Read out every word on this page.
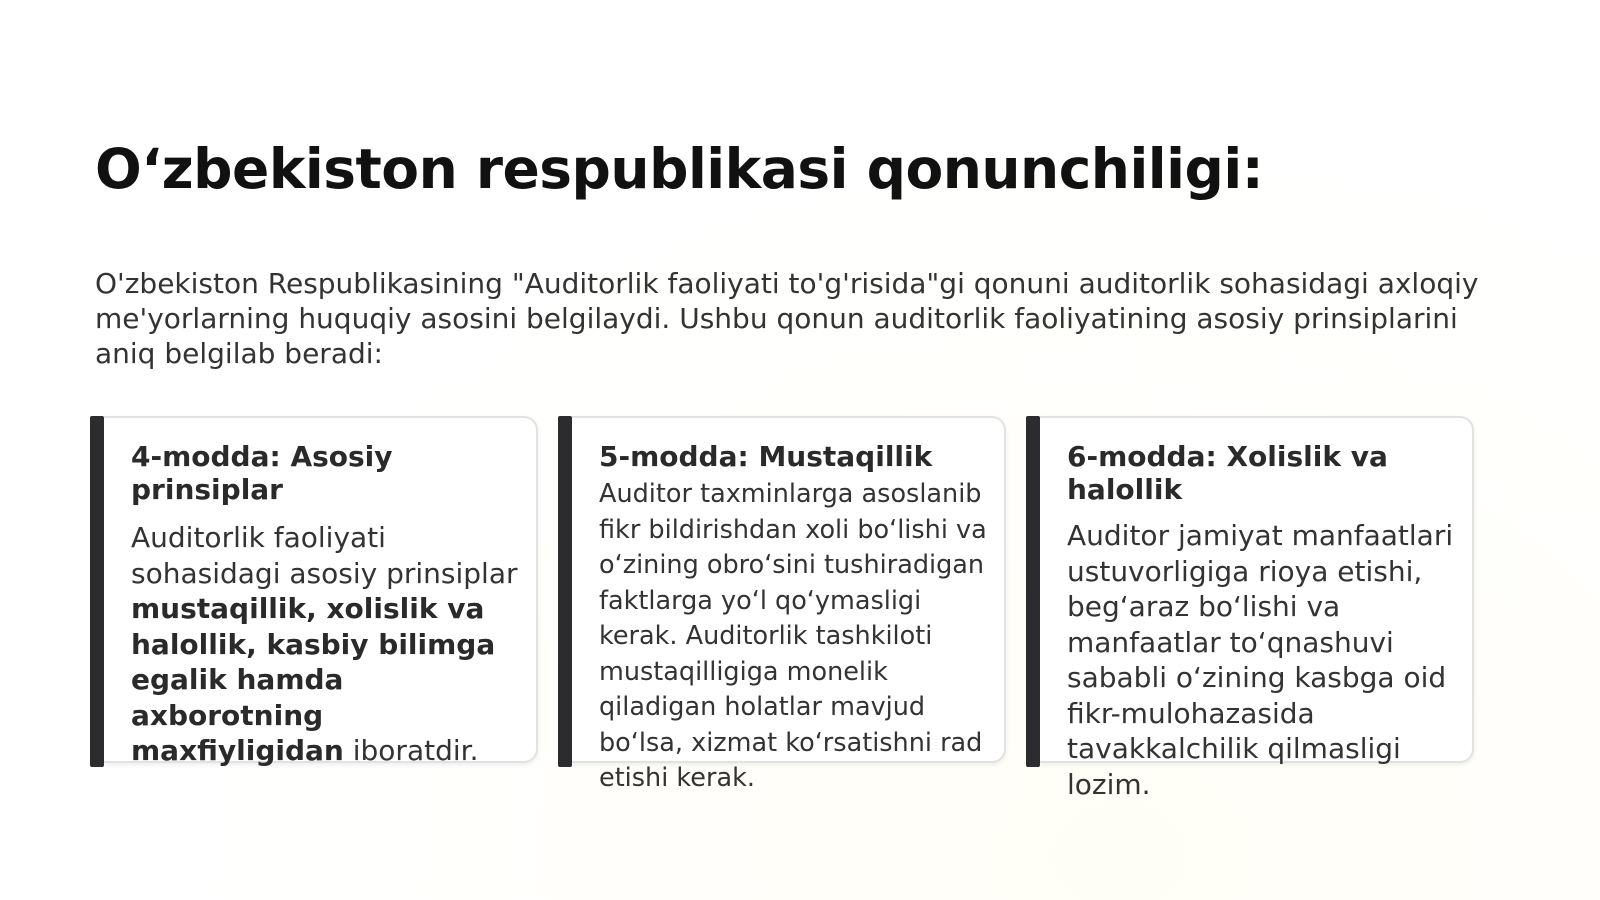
O‘zbekiston respublikasi qonunchiligi:

O'zbekiston Respublikasining "Auditorlik faoliyati to'g'risida"gi qonuni auditorlik sohasidagi axloqiy me'yorlarning huquqiy asosini belgilaydi. Ushbu qonun auditorlik faoliyatining asosiy prinsiplarini aniq belgilab beradi:

4-modda: Asosiy prinsiplar

Auditorlik faoliyati sohasidagi asosiy prinsiplar mustaqillik, xolislik va halollik, kasbiy bilimga egalik hamda axborotning maxfiyligidan iboratdir.

5-modda: Mustaqillik

Auditor taxminlarga asoslanib fikr bildirishdan xoli bo‘lishi va o‘zining obro‘sini tushiradigan faktlarga yo‘l qo‘ymasligi kerak. Auditorlik tashkiloti mustaqilligiga monelik qiladigan holatlar mavjud bo‘lsa, xizmat ko‘rsatishni rad etishi kerak.

6-modda: Xolislik va halollik

Auditor jamiyat manfaatlari ustuvorligiga rioya etishi, beg‘araz bo‘lishi va manfaatlar to‘qnashuvi sababli o‘zining kasbga oid fikr-mulohazasida tavakkalchilik qilmasligi lozim.
